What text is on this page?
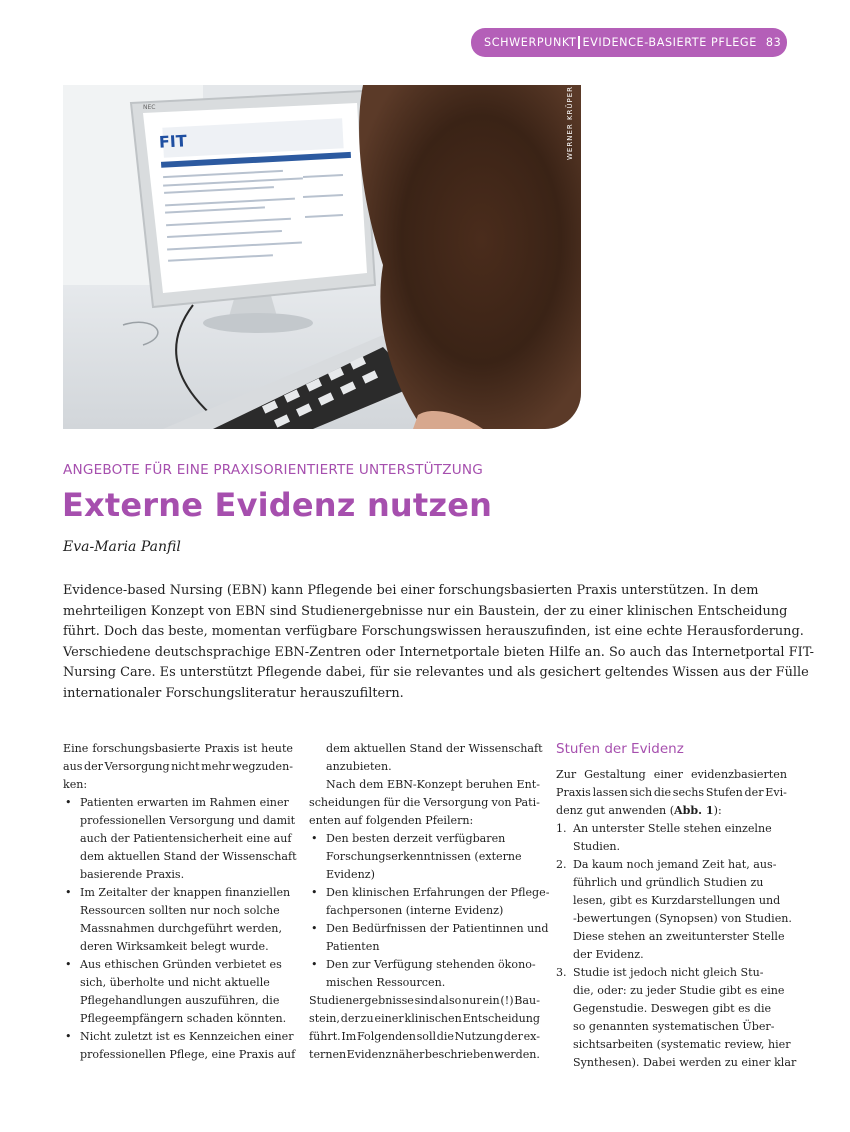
SCHWERPUNKT EVIDENCE-BASIERTE PFLEGE 83
FIT
NEC	WERNER KRÜPER
ANGEBOTE FÜR EINE PRAXISORIENTIERTE UNTERSTÜTZUNG
Externe Evidenz nutzen
Eva-Maria Panfil
Evidence-based Nursing (EBN) kann Pflegende bei einer forschungsbasierten Praxis unterstützen. In dem
mehrteiligen Konzept von EBN sind Studienergebnisse nur ein Baustein, der zu einer klinischen Entscheidung
führt. Doch das beste, momentan verfügbare Forschungswissen herauszufinden, ist eine echte Herausforderung.
Verschiedene deutschsprachige EBN-Zentren oder Internetportale bieten Hilfe an. So auch das Internetportal FIT-
Nursing Care. Es unterstützt Pflegende dabei, für sie relevantes und als gesichert geltendes Wissen aus der Fülle
internationaler Forschungsliteratur herauszufiltern.
Eine forschungsbasierte Praxis ist heute
aus der Versorgung nicht mehr wegzuden-
ken:
• Patienten erwarten im Rahmen einer
professionellen Versorgung und damit
auch der Patientensicherheit eine auf
dem aktuellen Stand der Wissenschaft
basierende Praxis.
• Im Zeitalter der knappen finanziellen
Ressourcen sollten nur noch solche
Massnahmen durchgeführt werden,
deren Wirksamkeit belegt wurde.
• Aus ethischen Gründen verbietet es
sich, überholte und nicht aktuelle
Pflegehandlungen auszuführen, die
Pflegeempfängern schaden könnten.
• Nicht zuletzt ist es Kennzeichen einer
professionellen Pflege, eine Praxis auf
dem aktuellen Stand der Wissenschaft
anzubieten.
Nach dem EBN-Konzept beruhen Ent-
scheidungen für die Versorgung von Pati-
enten auf folgenden Pfeilern:
• Den besten derzeit verfügbaren
Forschungserkenntnissen (externe
Evidenz)
• Den klinischen Erfahrungen der Pflege-
fachpersonen (interne Evidenz)
• Den Bedürfnissen der Patientinnen und
Patienten
• Den zur Verfügung stehenden ökono-
mischen Ressourcen.
Studienergebnisse sind also nur ein (!) Bau-
stein, der zu einer klinischen Entscheidung
führt. Im Folgenden soll die Nutzung der ex-
ternen Evidenz näher beschrieben werden.
Stufen der Evidenz
Zur Gestaltung einer evidenzbasierten
Praxis lassen sich die sechs Stufen der Evi-
denz gut anwenden (Abb. 1):
1. An unterster Stelle stehen einzelne
Studien.
2. Da kaum noch jemand Zeit hat, aus-
führlich und gründlich Studien zu
lesen, gibt es Kurzdarstellungen und
-bewertungen (Synopsen) von Studien.
Diese stehen an zweitunterster Stelle
der Evidenz.
3. Studie ist jedoch nicht gleich Stu-
die, oder: zu jeder Studie gibt es eine
Gegenstudie. Deswegen gibt es die
so genannten systematischen Über-
sichtsarbeiten (systematic review, hier
Synthesen). Dabei werden zu einer klar
